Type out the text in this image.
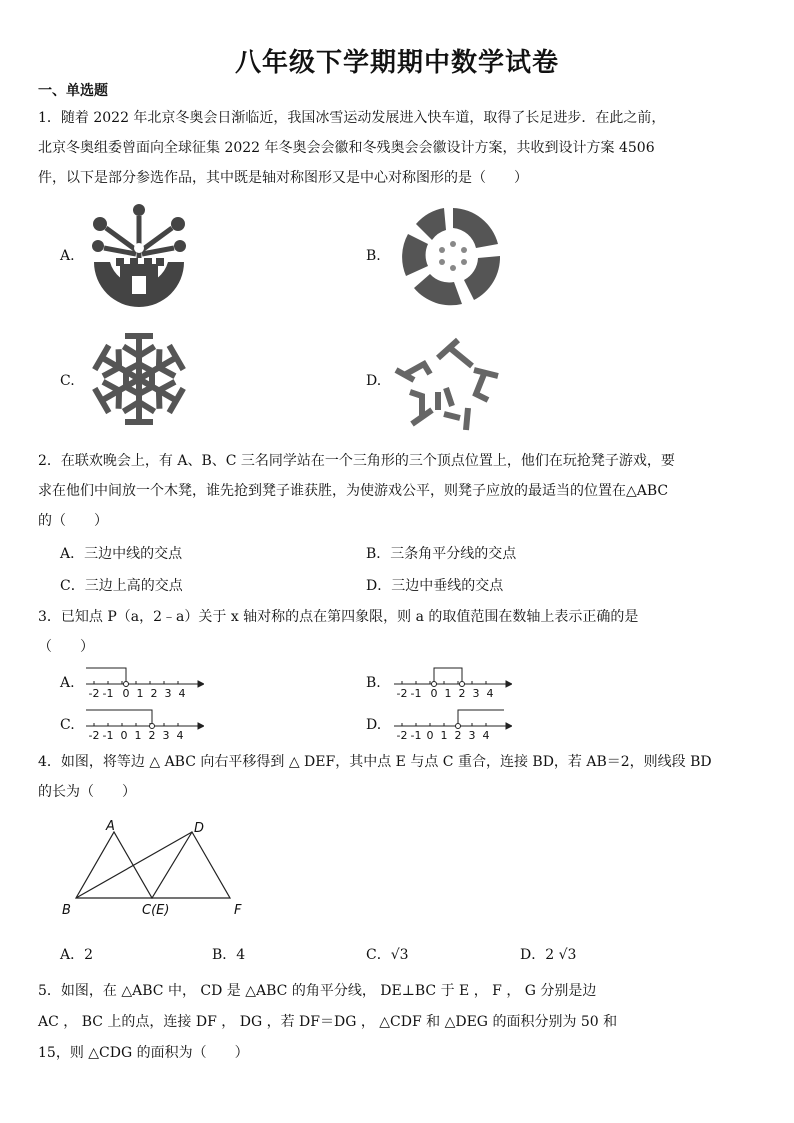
八年级下学期期中数学试卷
一、单选题
1．随着 2022 年北京冬奥会日渐临近，我国冰雪运动发展进入快车道，取得了长足进步．在此之前，
北京冬奥组委曾面向全球征集 2022 年冬奥会会徽和冬残奥会会徽设计方案，共收到设计方案 4506
件，以下是部分参选作品，其中既是轴对称图形又是中心对称图形的是（　　）
A.	B.
C.	D.
2．在联欢晚会上，有 A、B、C 三名同学站在一个三角形的三个顶点位置上，他们在玩抢凳子游戏，要
求在他们中间放一个木凳，谁先抢到凳子谁获胜，为使游戏公平，则凳子应放的最适当的位置在△ABC
的（　　）
A．三边中线的交点	B．三条角平分线的交点
C．三边上高的交点	D．三边中垂线的交点
3．已知点 P（a，2﹣a）关于 x 轴对称的点在第四象限，则 a 的取值范围在数轴上表示正确的是
（　　）
A.	B.
C.	D.
-2 -1 0 1 2 3 4	-2 -1 0 1 2 3 4
-2 -1 0 1 2 3 4	-2 -1 0 1 2 3 4
4．如图，将等边 △ ABC 向右平移得到 △ DEF，其中点 E 与点 C 重合，连接 BD，若 AB＝2，则线段 BD
的长为（　　）
A
B	C(E)
D
F
A．2	B．4	C．√3	D．2 √3
5．如图，在 △ABC 中， CD 是 △ABC 的角平分线， DE⊥BC 于 E ， F ， G 分别是边
AC ， BC 上的点，连接 DF ， DG ，若 DF＝DG ， △CDF 和 △DEG 的面积分别为 50 和
15，则 △CDG 的面积为（　　）
